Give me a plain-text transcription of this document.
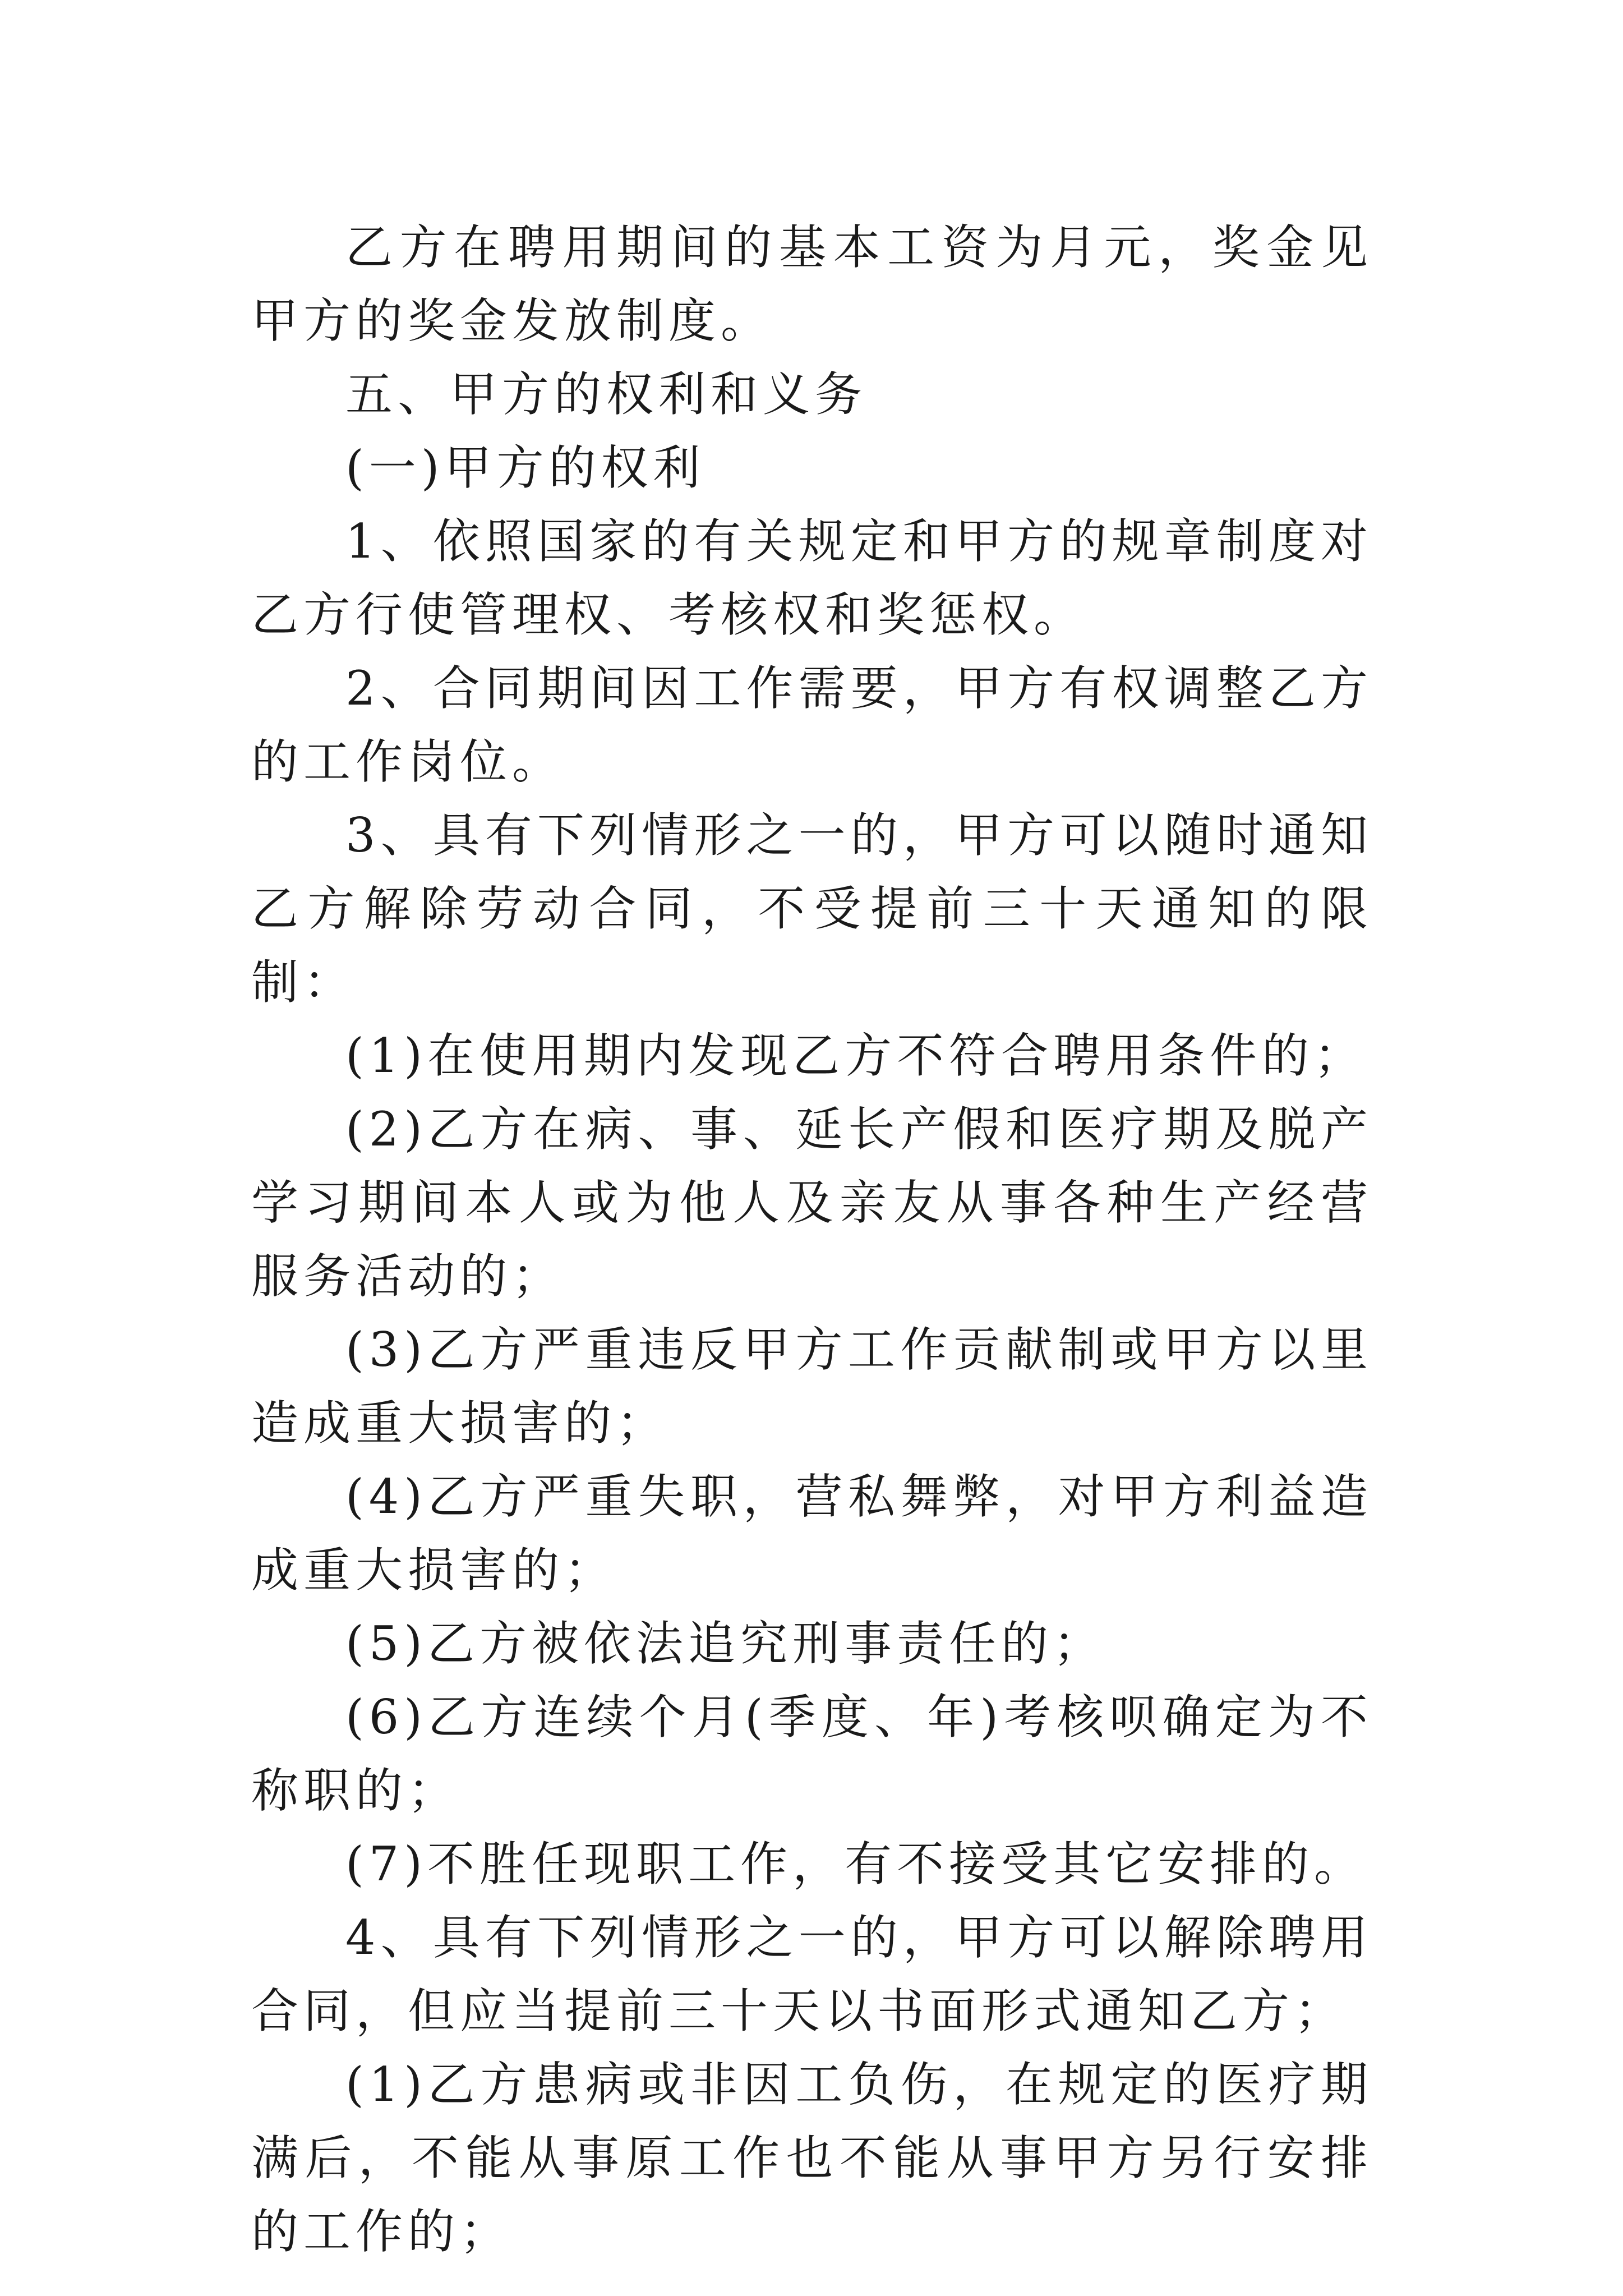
乙方在聘用期间的基本工资为月元，奖金见甲方的奖金发放制度。

五、甲方的权利和义务

(一)甲方的权利

1、依照国家的有关规定和甲方的规章制度对乙方行使管理权、考核权和奖惩权。

2、合同期间因工作需要，甲方有权调整乙方的工作岗位。

3、具有下列情形之一的，甲方可以随时通知乙方解除劳动合同，不受提前三十天通知的限制：

(1)在使用期内发现乙方不符合聘用条件的；

(2)乙方在病、事、延长产假和医疗期及脱产学习期间本人或为他人及亲友从事各种生产经营服务活动的；

(3)乙方严重违反甲方工作贡献制或甲方以里造成重大损害的；

(4)乙方严重失职，营私舞弊，对甲方利益造成重大损害的；

(5)乙方被依法追究刑事责任的；

(6)乙方连续个月(季度、年)考核呗确定为不称职的；

(7)不胜任现职工作，有不接受其它安排的。

4、具有下列情形之一的，甲方可以解除聘用合同，但应当提前三十天以书面形式通知乙方；

(1)乙方患病或非因工负伤，在规定的医疗期满后，不能从事原工作也不能从事甲方另行安排的工作的；
